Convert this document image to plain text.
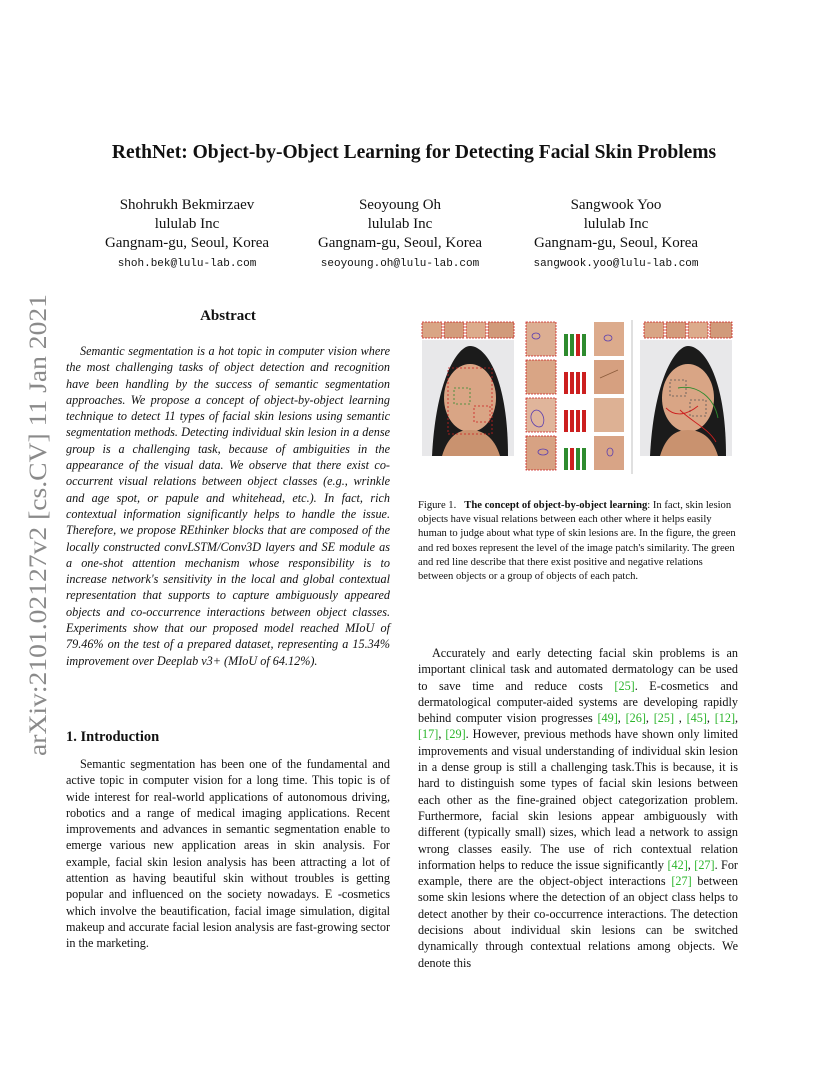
arXiv:2101.02127v2 [cs.CV] 11 Jan 2021
RethNet: Object-by-Object Learning for Detecting Facial Skin Problems
Shohrukh Bekmirzaev
lululab Inc
Gangnam-gu, Seoul, Korea
shoh.bek@lulu-lab.com
Seoyoung Oh
lululab Inc
Gangnam-gu, Seoul, Korea
seoyoung.oh@lulu-lab.com
Sangwook Yoo
lululab Inc
Gangnam-gu, Seoul, Korea
sangwook.yoo@lulu-lab.com
Abstract

Semantic segmentation is a hot topic in computer vision where the most challenging tasks of object detection and recognition have been handling by the success of semantic segmentation approaches. We propose a concept of object-by-object learning technique to detect 11 types of facial skin lesions using semantic segmentation methods. Detecting individual skin lesion in a dense group is a challenging task, because of ambiguities in the appearance of the visual data. We observe that there exist co-occurrent visual relations between object classes (e.g., wrinkle and age spot, or papule and whitehead, etc.). In fact, rich contextual information significantly helps to handle the issue. Therefore, we propose REthinker blocks that are composed of the locally constructed convLSTM/Conv3D layers and SE module as a one-shot attention mechanism whose responsibility is to increase network's sensitivity in the local and global contextual representation that supports to capture ambiguously appeared objects and co-occurrence interactions between object classes. Experiments show that our proposed model reached MIoU of 79.46% on the test of a prepared dataset, representing a 15.34% improvement over Deeplab v3+ (MIoU of 64.12%).

1. Introduction

Semantic segmentation has been one of the fundamental and active topic in computer vision for a long time. This topic is of wide interest for real-world applications of autonomous driving, robotics and a range of medical imaging applications. Recent improvements and advances in semantic segmentation enable to emerge various new application areas in skin analysis. For example, facial skin lesion analysis has been attracting a lot of attention as having beautiful skin without troubles is getting popular and influenced on the society nowadays. E -cosmetics which involve the beautification, facial image simulation, digital makeup and accurate facial lesion analysis are fast-growing sector in the marketing.

Figure 1. The concept of object-by-object learning: In fact, skin lesion objects have visual relations between each other where it helps easily human to judge about what type of skin lesions are. In the figure, the green and red boxes represent the level of the image patch's similarity. The green and red line describe that there exist positive and negative relations between objects or a group of objects of each patch.

Accurately and early detecting facial skin problems is an important clinical task and automated dermatology can be used to save time and reduce costs [25]. E-cosmetics and dermatological computer-aided systems are developing rapidly behind computer vision progresses [49], [26], [25] , [45], [12], [17], [29]. However, previous methods have shown only limited improvements and visual understanding of individual skin lesion in a dense group is still a challenging task.This is because, it is hard to distinguish some types of facial skin lesions between each other as the fine-grained object categorization problem. Furthermore, facial skin lesions appear ambiguously with different (typically small) sizes, which lead a network to assign wrong classes easily. The use of rich contextual relation information helps to reduce the issue significantly [42], [27]. For example, there are the object-object interactions [27] between some skin lesions where the detection of an object class helps to detect another by their co-occurrence interactions. The detection decisions about individual skin lesions can be switched dynamically through contextual relations among objects. We denote this
